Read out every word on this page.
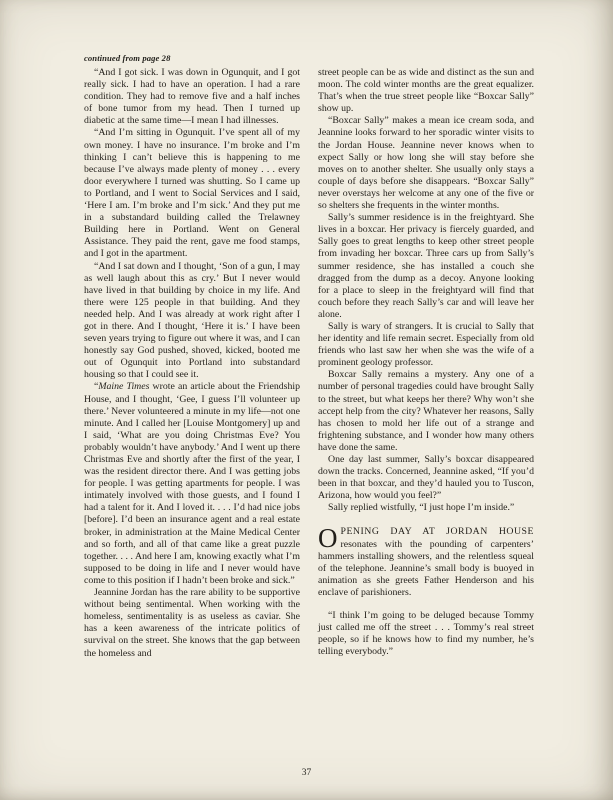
continued from page 28

“And I got sick. I was down in Ogunquit, and I got really sick. I had to have an operation. I had a rare condition. They had to remove five and a half inches of bone tumor from my head. Then I turned up diabetic at the same time—I mean I had illnesses.

“And I’m sitting in Ogunquit. I’ve spent all of my own money. I have no insurance. I’m broke and I’m thinking I can’t believe this is happening to me because I’ve always made plenty of money . . . every door everywhere I turned was shutting. So I came up to Portland, and I went to Social Services and I said, ‘Here I am. I’m broke and I’m sick.’ And they put me in a substandard building called the Trelawney Building here in Portland. Went on General Assistance. They paid the rent, gave me food stamps, and I got in the apartment.

“And I sat down and I thought, ‘Son of a gun, I may as well laugh about this as cry.’ But I never would have lived in that building by choice in my life. And there were 125 people in that building. And they needed help. And I was already at work right after I got in there. And I thought, ‘Here it is.’ I have been seven years trying to figure out where it was, and I can honestly say God pushed, shoved, kicked, booted me out of Ogunquit into Portland into substandard housing so that I could see it.

“Maine Times wrote an article about the Friendship House, and I thought, ‘Gee, I guess I’ll volunteer up there.’ Never volunteered a minute in my life—not one minute. And I called her [Louise Montgomery] up and I said, ‘What are you doing Christmas Eve? You probably wouldn’t have anybody.’ And I went up there Christmas Eve and shortly after the first of the year, I was the resident director there. And I was getting jobs for people. I was getting apartments for people. I was intimately involved with those guests, and I found I had a talent for it. And I loved it. . . . I’d had nice jobs [before]. I’d been an insurance agent and a real estate broker, in administration at the Maine Medical Center and so forth, and all of that came like a great puzzle together. . . . And here I am, knowing exactly what I’m supposed to be doing in life and I never would have come to this position if I hadn’t been broke and sick.”

Jeannine Jordan has the rare ability to be supportive without being sentimental. When working with the homeless, sentimentality is as useless as caviar. She has a keen awareness of the intricate politics of survival on the street. She knows that the gap between the homeless and

street people can be as wide and distinct as the sun and moon. The cold winter months are the great equalizer. That’s when the true street people like “Boxcar Sally” show up.

“Boxcar Sally” makes a mean ice cream soda, and Jeannine looks forward to her sporadic winter visits to the Jordan House. Jeannine never knows when to expect Sally or how long she will stay before she moves on to another shelter. She usually only stays a couple of days before she disappears. “Boxcar Sally” never overstays her welcome at any one of the five or so shelters she frequents in the winter months.

Sally’s summer residence is in the freightyard. She lives in a boxcar. Her privacy is fiercely guarded, and Sally goes to great lengths to keep other street people from invading her boxcar. Three cars up from Sally’s summer residence, she has installed a couch she dragged from the dump as a decoy. Anyone looking for a place to sleep in the freightyard will find that couch before they reach Sally’s car and will leave her alone.

Sally is wary of strangers. It is crucial to Sally that her identity and life remain secret. Especially from old friends who last saw her when she was the wife of a prominent geology professor.

Boxcar Sally remains a mystery. Any one of a number of personal tragedies could have brought Sally to the street, but what keeps her there? Why won’t she accept help from the city? Whatever her reasons, Sally has chosen to mold her life out of a strange and frightening substance, and I wonder how many others have done the same.

One day last summer, Sally’s boxcar disappeared down the tracks. Concerned, Jeannine asked, “If you’d been in that boxcar, and they’d hauled you to Tuscon, Arizona, how would you feel?”

Sally replied wistfully, “I just hope I’m inside.”

OPENING DAY AT JORDAN HOUSE resonates with the pounding of carpenters’ hammers installing showers, and the relentless squeal of the telephone. Jeannine’s small body is buoyed in animation as she greets Father Henderson and his enclave of parishioners.

“I think I’m going to be deluged because Tommy just called me off the street . . . Tommy’s real street people, so if he knows how to find my number, he’s telling everybody.”

37
